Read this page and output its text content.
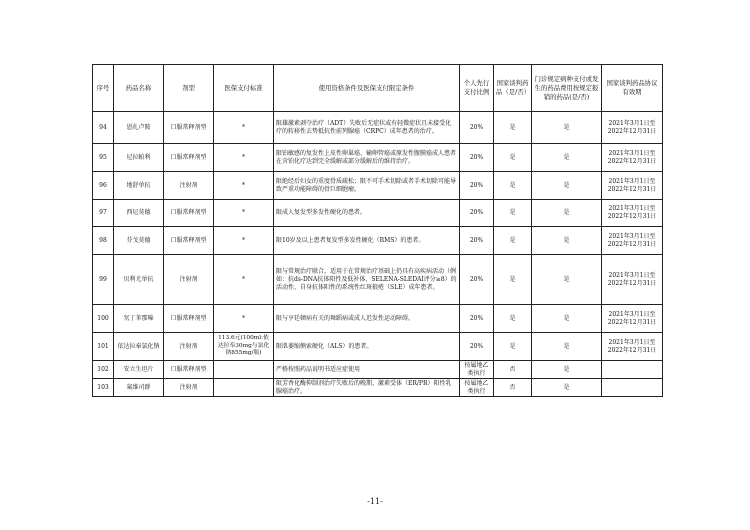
序号	药品名称	剂型	医保支付标准	使用资格条件及医保支付限定条件	个人先行支付比例	国家谈判药品（是/否）	门诊规定病种支付或发生的药品费用按规定报销的药品(是/否)	国家谈判药品协议有效期
94	恩扎卢胺	口服常释剂型	*	限雄激素剥夺治疗（ADT）失败后无症状或有轻微症状且未接受化疗的转移性去势抵抗性前列腺癌（CRPC）成年患者的治疗。	20%	是	是	2021年3月1日至2022年12月31日
95	尼拉帕利	口服常释剂型	*	限铂敏感的复发性上皮性卵巢癌、输卵管癌或原发性腹膜癌成人患者在含铂化疗达到完全缓解或部分缓解后的维持治疗。	20%	是	是	2021年3月1日至2022年12月31日
96	地舒单抗	注射剂	*	限绝经后妇女的重度骨质疏松；限不可手术切除或者手术切除可能导致严重功能障碍的骨巨细胞瘤。	20%	是	是	2021年3月1日至2022年12月31日
97	西尼莫德	口服常释剂型	*	限成人复发型多发性硬化的患者。	20%	是	是	2021年3月1日至2022年12月31日
98	芬戈莫德	口服常释剂型	*	限10岁及以上患者复发型多发性硬化（RMS）的患者。	20%	是	是	2021年3月1日至2022年12月31日
99	贝利尤单抗	注射剂	*	限与常规治疗联合，适用于在常规治疗基础上仍具有高疾病活动（例如：抗ds-DNA抗体阳性及低补体、SELENA-SLEDAI评分≥8）的活动性、自身抗体阳性的系统性红斑狼疮（SLE）成年患者。	20%	是	是	2021年3月1日至2022年12月31日
100	氘丁苯那嗪	口服常释剂型	*	限与亨廷顿病有关的舞蹈病或成人迟发性运动障碍。	20%	是	是	2021年3月1日至2022年12月31日
101	依达拉奉氯化钠	注射剂	113.6元(100ml:依达拉奉30mg与氯化钠855mg/瓶)	限肌萎缩侧索硬化（ALS）的患者。	20%	是	是	2021年3月1日至2022年12月31日
102	安立生坦片	口服常释剂型		严格按照药品说明书适应症使用	按属地乙类执行	否	是	
103	氟维司群	注射剂		限芳香化酶抑制剂治疗失败后的晚期、激素受体（ER/PR）阳性乳腺癌治疗。	按属地乙类执行	否	是	
-11-
